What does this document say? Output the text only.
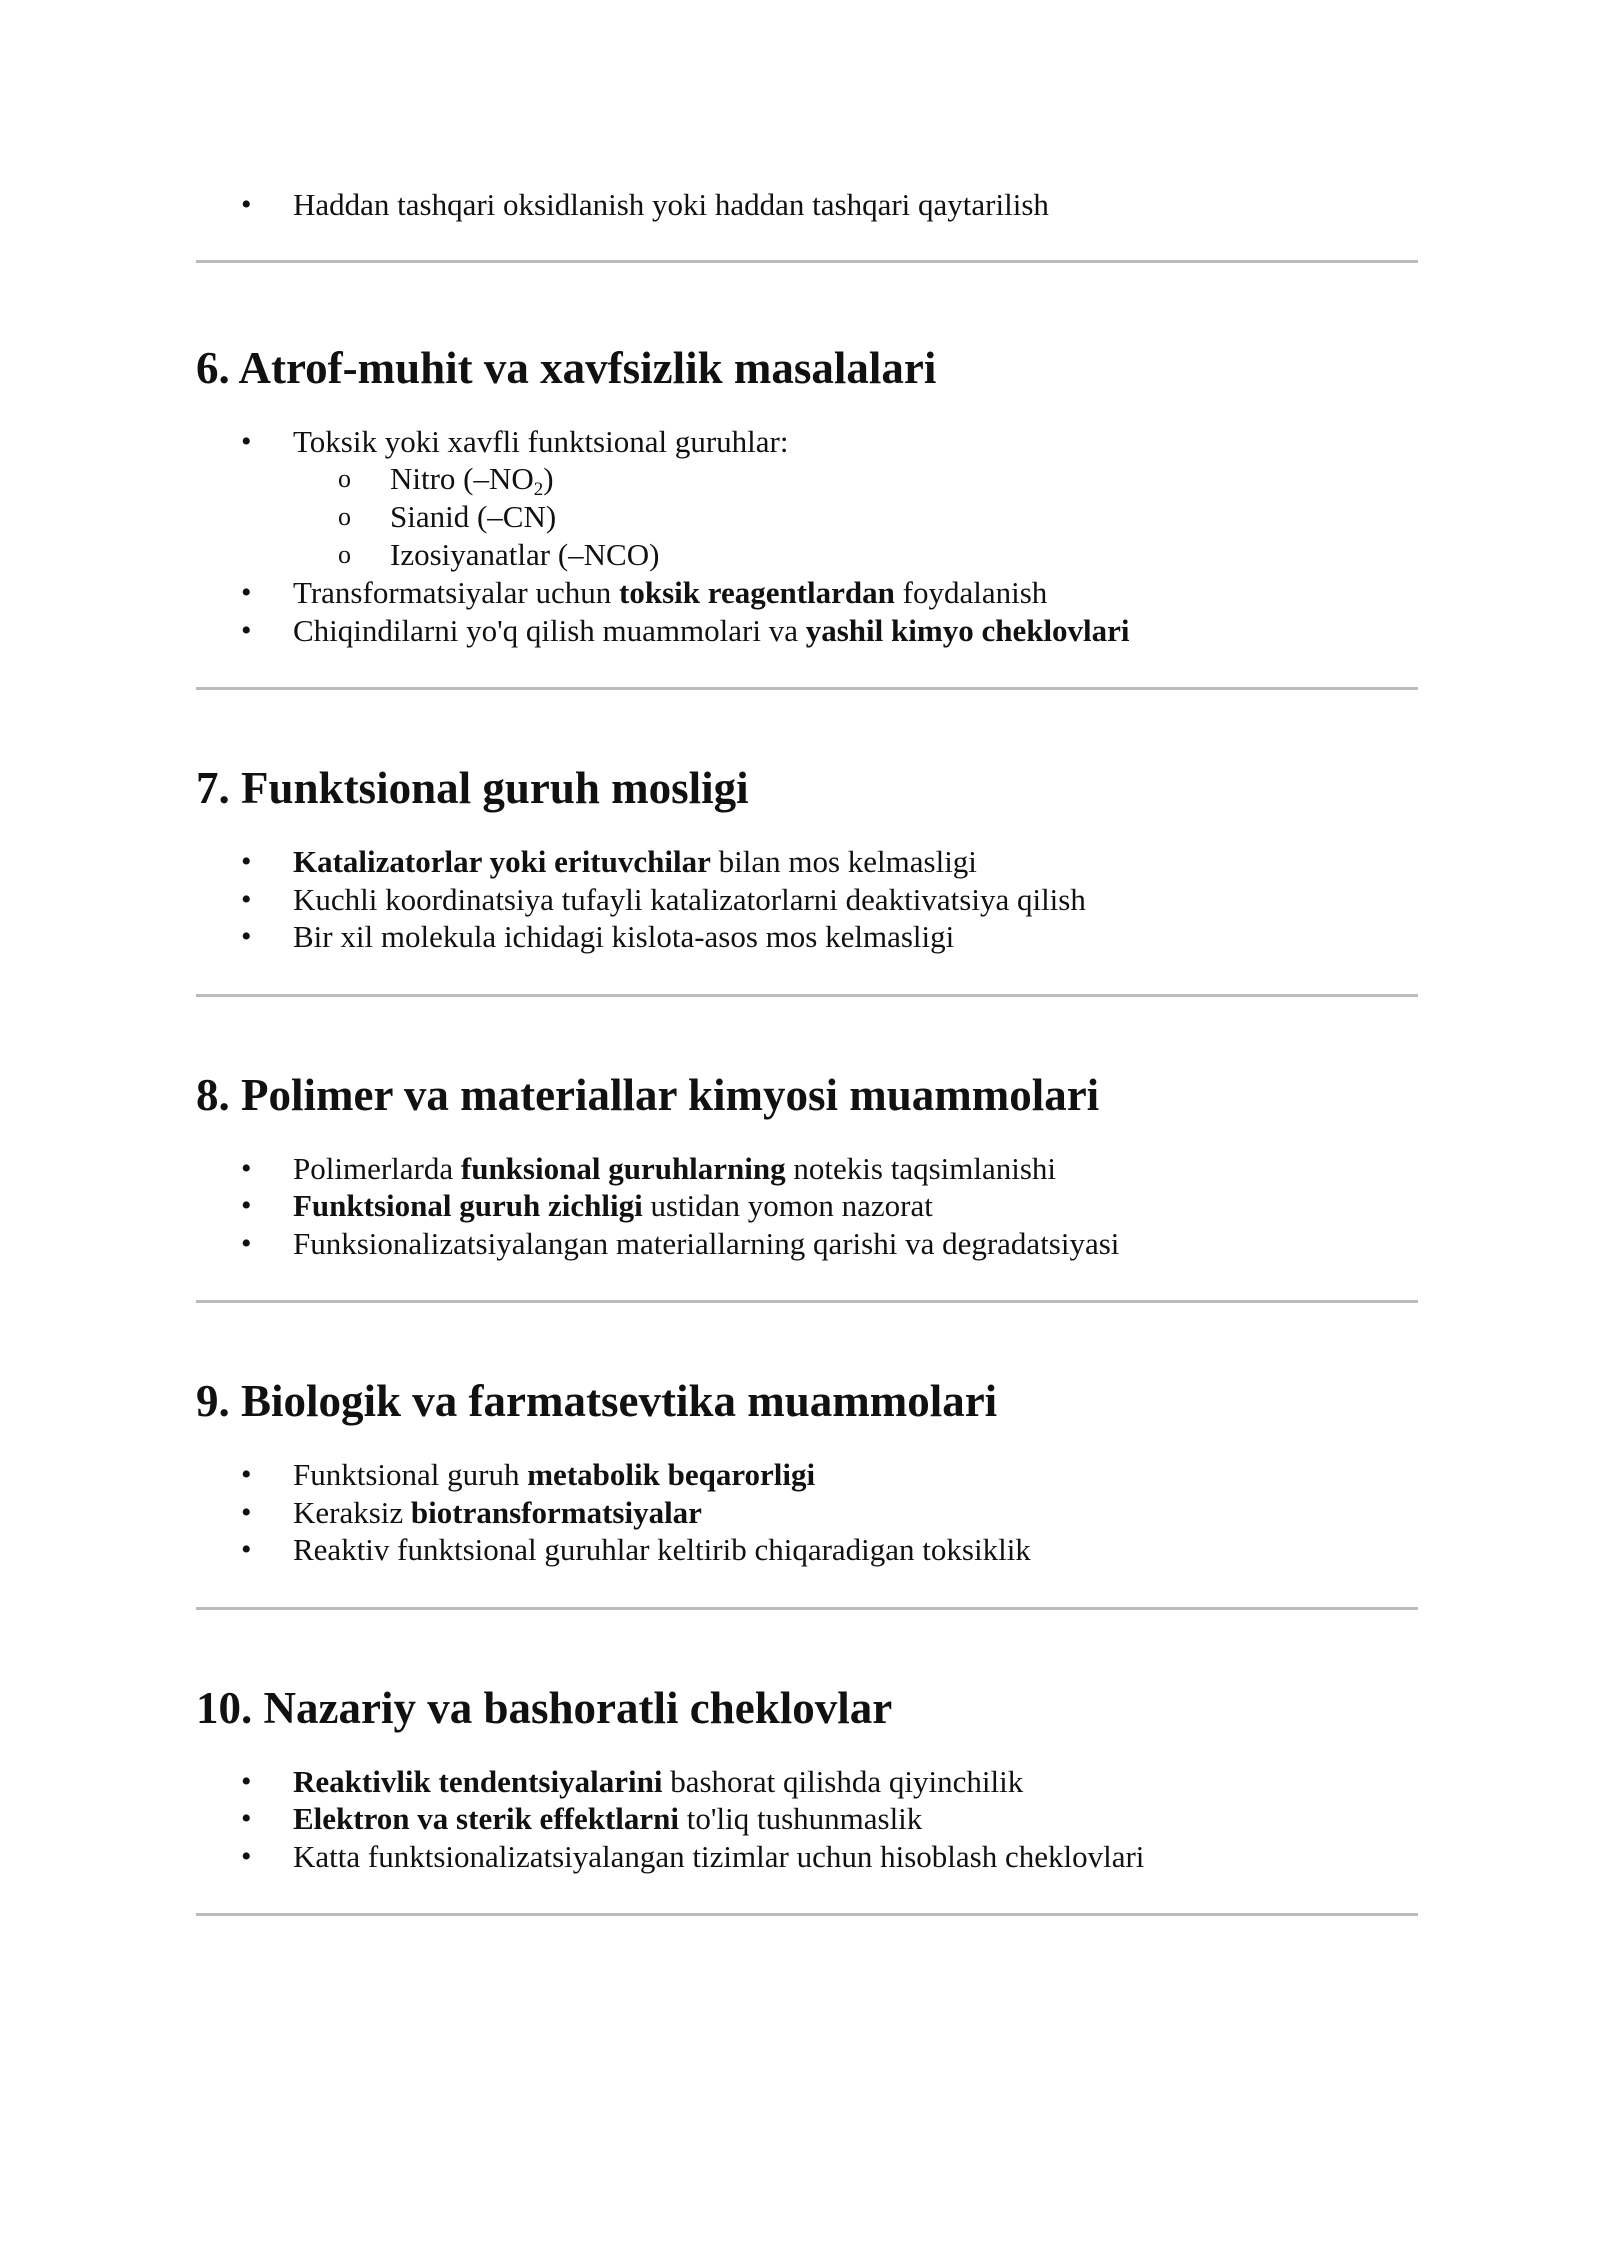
• Haddan tashqari oksidlanish yoki haddan tashqari qaytarilish
6. Atrof-muhit va xavfsizlik masalalari
• Toksik yoki xavfli funktsional guruhlar:
o Nitro $(-NO_2)$
o Sianid (–CN)
o Izosiyanatlar (–NCO)
• Transformatsiyalar uchun toksik reagentlardan foydalanish
• Chiqindilarni yo'q qilish muammolari va yashil kimyo cheklovlari
7. Funktsional guruh mosligi
• Katalizatorlar yoki erituvchilar bilan mos kelmasligi
• Kuchli koordinatsiya tufayli katalizatorlarni deaktivatsiya qilish
• Bir xil molekula ichidagi kislota-asos mos kelmasligi
8. Polimer va materiallar kimyosi muammolari
• Polimerlarda funksional guruhlarning notekis taqsimlanishi
• Funktsional guruh zichligi ustidan yomon nazorat
• Funksionalizatsiyalangan materiallarning qarishi va degradatsiyasi
9. Biologik va farmatsevtika muammolari
• Funktsional guruh metabolik beqarorligi
• Keraksiz biotransformatsiyalar
• Reaktiv funktsional guruhlar keltirib chiqaradigan toksiklik
10. Nazariy va bashoratli cheklovlar
• Reaktivlik tendentsiyalarini bashorat qilishda qiyinchilik
• Elektron va sterik effektlarni to'liq tushunmaslik
• Katta funktsionalizatsiyalangan tizimlar uchun hisoblash cheklovlari
